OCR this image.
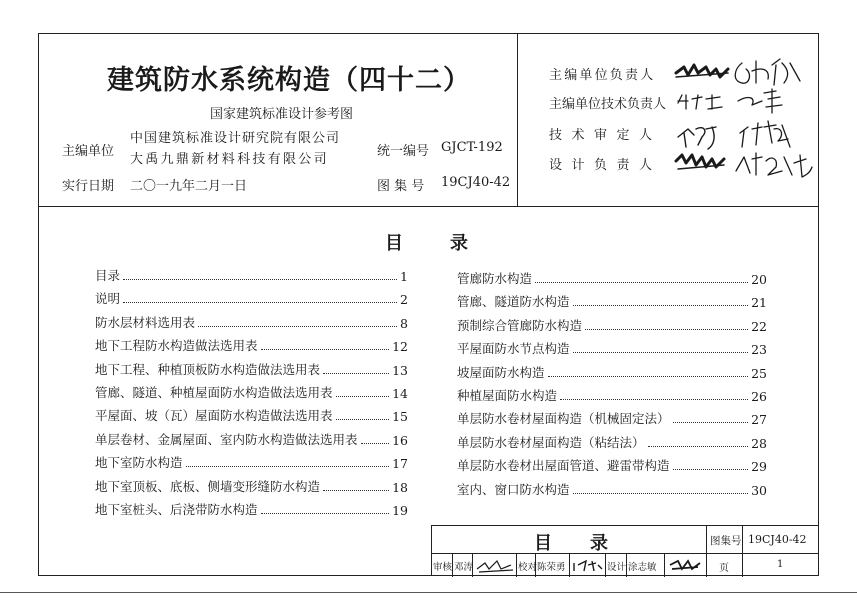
建筑防水系统构造（四十二）
国家建筑标准设计参考图
主编单位
中国建筑标准设计研究院有限公司
大禹九鼎新材料科技有限公司
统一编号 GJCT-192
实行日期 二〇一九年二月一日	图 集 号 19CJ40-42
主编单位负责人
主编单位技术负责人
技术审定人
设计负责人
目	录
目录	1
说明	2
防水层材料选用表	8
地下工程防水构造做法选用表	12
地下工程、种植顶板防水构造做法选用表	13
管廊、隧道、种植屋面防水构造做法选用表	14
平屋面、坡（瓦）屋面防水构造做法选用表	15
单层卷材、金属屋面、室内防水构造做法选用表	16
地下室防水构造	17
地下室顶板、底板、侧墙变形缝防水构造	18
地下室桩头、后浇带防水构造	19
管廊防水构造	20
管廊、隧道防水构造	21
预制综合管廊防水构造	22
平屋面防水节点构造	23
坡屋面防水构造	25
种植屋面防水构造	26
单层防水卷材屋面构造（机械固定法）	27
单层防水卷材屋面构造（粘结法）	28
单层防水卷材出屋面管道、避雷带构造	29
室内、窗口防水构造	30
目 录	图集号 19CJ40-42
审核 邓涛	校对 陈荣勇	设计 涂志敏	页	1
